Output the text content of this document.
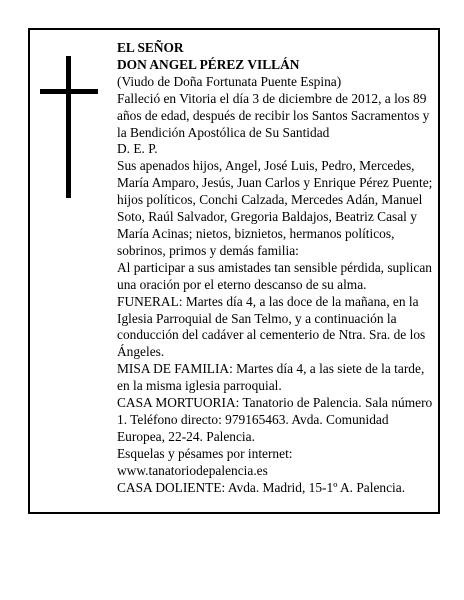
EL SEÑOR

DON ANGEL PÉREZ VILLÁN

(Viudo de Doña Fortunata Puente Espina)

Falleció en Vitoria el día 3 de diciembre de 2012, a los 89 años de edad, después de recibir los Santos Sacramentos y la Bendición Apostólica de Su Santidad

D. E. P.

Sus apenados hijos, Angel, José Luis, Pedro, Mercedes, María Amparo, Jesús, Juan Carlos y Enrique Pérez Puente; hijos políticos, Conchi Calzada, Mercedes Adán, Manuel Soto, Raúl Salvador, Gregoria Baldajos, Beatriz Casal y María Acinas; nietos, biznietos, hermanos políticos, sobrinos, primos y demás familia:

Al participar a sus amistades tan sensible pérdida, suplican una oración por el eterno descanso de su alma.

FUNERAL: Martes día 4, a las doce de la mañana, en la Iglesia Parroquial de San Telmo, y a continuación la conducción del cadáver al cementerio de Ntra. Sra. de los Ángeles.

MISA DE FAMILIA: Martes día 4, a las siete de la tarde, en la misma iglesia parroquial.

CASA MORTUORIA: Tanatorio de Palencia. Sala número 1. Teléfono directo: 979165463. Avda. Comunidad Europea, 22-24. Palencia.

Esquelas y pésames por internet:

www.tanatoriodepalencia.es

CASA DOLIENTE: Avda. Madrid, 15-1º A. Palencia.
